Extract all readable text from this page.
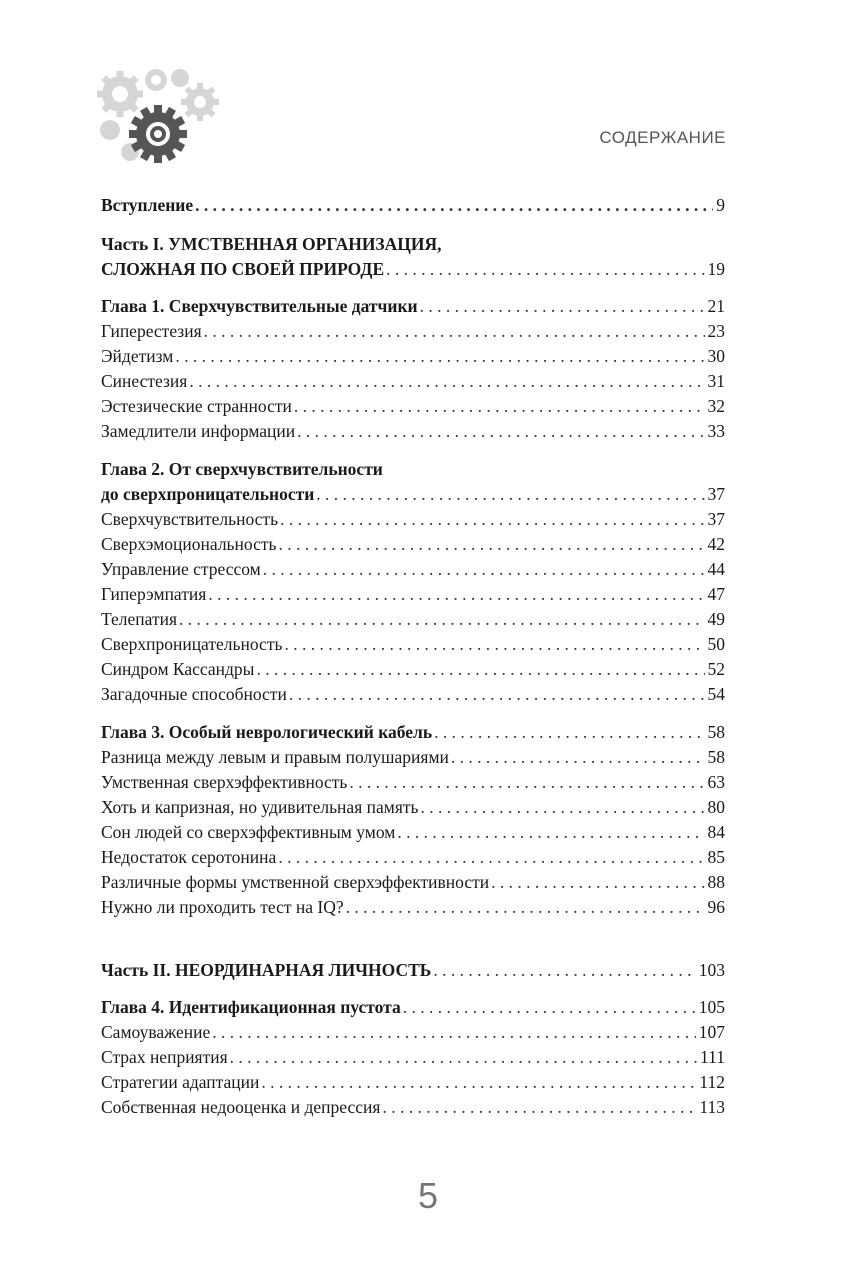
СОДЕРЖАНИЕ
Вступление . . .	9
Часть I. УМСТВЕННАЯ ОРГАНИЗАЦИЯ,
СЛОЖНАЯ ПО СВОЕЙ ПРИРОДЕ . . .	19
Глава 1. Сверхчувствительные датчики . . .	21
Гиперестезия . . .	23
Эйдетизм . . .	30
Синестезия . . .	31
Эстезические странности . . .	32
Замедлители информации . . .	33
Глава 2. От сверхчувствительности
до сверхпроницательности . . .	37
Сверхчувствительность . . .	37
Сверхэмоциональность . . .	42
Управление стрессом . . .	44
Гиперэмпатия . . .	47
Телепатия . . .	49
Сверхпроницательность . . .	50
Синдром Кассандры . . .	52
Загадочные способности . . .	54
Глава 3. Особый неврологический кабель . . .	58
Разница между левым и правым полушариями . . .	58
Умственная сверхэффективность . . .	63
Хоть и капризная, но удивительная память . . .	80
Сон людей со сверхэффективным умом . . .	84
Недостаток серотонина . . .	85
Различные формы умственной сверхэффективности . . .	88
Нужно ли проходить тест на IQ? . . .	96
Часть II. НЕОРДИНАРНАЯ ЛИЧНОСТЬ . . .	103
Глава 4. Идентификационная пустота . . .	105
Самоуважение . . .	107
Страх неприятия . . .	111
Стратегии адаптации . . .	112
Собственная недооценка и депрессия . . .	113
5
